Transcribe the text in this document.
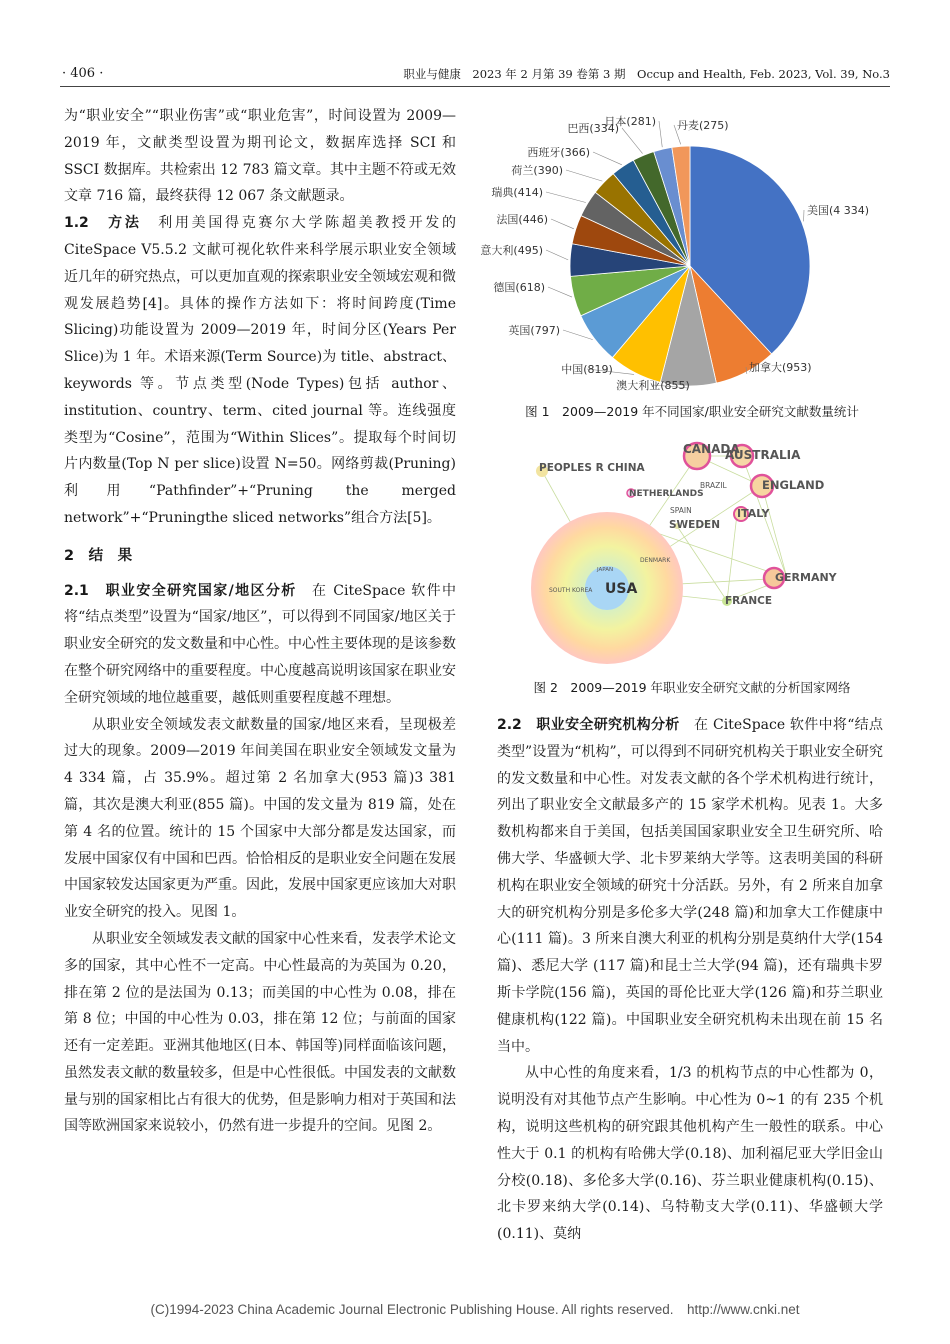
· 406 ·	职业与健康　2023 年 2 月第 39 卷第 3 期　Occup and Health, Feb. 2023, Vol. 39, No.3

为“职业安全”“职业伤害”或“职业危害”，时间设置为 2009—2019 年，文献类型设置为期刊论文，数据库选择 SCI 和 SSCI 数据库。共检索出 12 783 篇文章。其中主题不符或无效文章 716 篇，最终获得 12 067 条文献题录。

1.2　方法　利用美国得克赛尔大学陈超美教授开发的 CiteSpace V5.5.2 文献可视化软件来科学展示职业安全领域近几年的研究热点，可以更加直观的探索职业安全领域宏观和微观发展趋势[4]。具体的操作方法如下：将时间跨度(Time Slicing)功能设置为 2009—2019 年，时间分区(Years Per Slice)为 1 年。术语来源(Term Source)为 title、abstract、keywords 等。节点类型(Node Types)包括 author、institution、country、term、cited journal 等。连线强度类型为“Cosine”，范围为“Within Slices”。提取每个时间切片内数量(Top N per slice)设置 N=50。网络剪裁(Pruning)利用“Pathfinder”+“Pruning the merged network”+“Pruningthe sliced networks”组合方法[5]。

2　结　果

2.1　职业安全研究国家/地区分析　在 CiteSpace 软件中将“结点类型”设置为“国家/地区”，可以得到不同国家/地区关于职业安全研究的发文数量和中心性。中心性主要体现的是该参数在整个研究网络中的重要程度。中心度越高说明该国家在职业安全研究领域的地位越重要，越低则重要程度越不理想。

从职业安全领域发表文献数量的国家/地区来看，呈现极差过大的现象。2009—2019 年间美国在职业安全领域发文量为 4 334 篇，占 35.9%。超过第 2 名加拿大(953 篇)3 381 篇，其次是澳大利亚(855 篇)。中国的发文量为 819 篇，处在第 4 名的位置。统计的 15 个国家中大部分都是发达国家，而发展中国家仅有中国和巴西。恰恰相反的是职业安全问题在发展中国家较发达国家更为严重。因此，发展中国家更应该加大对职业安全研究的投入。见图 1。

从职业安全领域发表文献的国家中心性来看，发表学术论文多的国家，其中心性不一定高。中心性最高的为英国为 0.20，排在第 2 位的是法国为 0.13；而美国的中心性为 0.08，排在第 8 位；中国的中心性为 0.03，排在第 12 位；与前面的国家还有一定差距。亚洲其他地区(日本、韩国等)同样面临该问题，虽然发表文献的数量较多，但是中心性很低。中国发表的文献数量与别的国家相比占有很大的优势，但是影响力相对于英国和法国等欧洲国家来说较小，仍然有进一步提升的空间。见图 2。

美国(4 334)
加拿大(953)
澳大利亚(855)
中国(819)
英国(797)
德国(618)
意大利(495)
法国(446)
瑞典(414)
荷兰(390)
西班牙(366)
巴西(334)
日本(281) 丹麦(275)
图 1　2009—2019 年不同国家/职业安全研究文献数量统计
PEOPLES R CHINA
CANADA
AUSTRALIA
BRAZIL
NETHERLANDS
ENGLAND
SPAIN	ITALY
SWEDEN
DENMARK
JAPAN
SOUTH KOREA USA
GERMANY
FRANCE
图 2　2009—2019 年职业安全研究文献的分析国家网络

2.2　职业安全研究机构分析　在 CiteSpace 软件中将“结点类型”设置为“机构”，可以得到不同研究机构关于职业安全研究的发文数量和中心性。对发表文献的各个学术机构进行统计，列出了职业安全文献最多产的 15 家学术机构。见表 1。大多数机构都来自于美国，包括美国国家职业安全卫生研究所、哈佛大学、华盛顿大学、北卡罗莱纳大学等。这表明美国的科研机构在职业安全领域的研究十分活跃。另外，有 2 所来自加拿大的研究机构分别是多伦多大学(248 篇)和加拿大工作健康中心(111 篇)。3 所来自澳大利亚的机构分别是莫纳什大学(154 篇)、悉尼大学 (117 篇)和昆士兰大学(94 篇)，还有瑞典卡罗斯卡学院(156 篇)，英国的哥伦比亚大学(126 篇)和芬兰职业健康机构(122 篇)。中国职业安全研究机构未出现在前 15 名当中。

从中心性的角度来看，1/3 的机构节点的中心性都为 0，说明没有对其他节点产生影响。中心性为 0~1 的有 235 个机构，说明这些机构的研究跟其他机构产生一般性的联系。中心性大于 0.1 的机构有哈佛大学(0.18)、加利福尼亚大学旧金山分校(0.18)、多伦多大学(0.16)、芬兰职业健康机构(0.15)、北卡罗来纳大学(0.14)、乌特勒支大学(0.11)、华盛顿大学(0.11)、莫纳

(C)1994-2023 China Academic Journal Electronic Publishing House. All rights reserved.　http://www.cnki.net
